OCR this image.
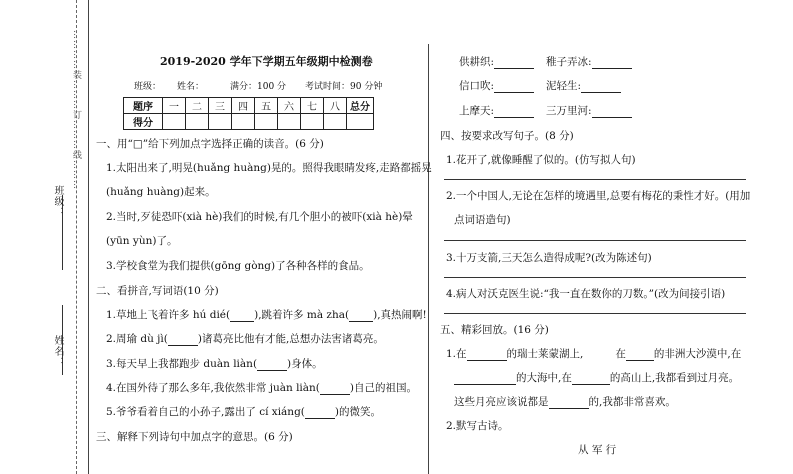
班级：
姓名：
…………装………订………线………
2019-2020 学年下学期五年级期中检测卷
班级： 姓名：	满分：100 分 考试时间：90 分钟
题序	一	二	三	四	五	六	七	八	总分
得分									
一、用“□”给下列加点字选择正确的读音。(6 分)
1.太阳出来了,明晃(huǎng huàng)晃的。照得我眼睛发疼,走路都摇晃
(huǎng huàng)起来。
2.当时,歹徒恐吓(xià hè)我们的时候,有几个胆小的被吓(xià hè)晕
(yūn yùn)了。
3.学校食堂为我们提供(gōng gòng)了各种各样的食品。
二、看拼音,写词语(10 分)
1.草地上飞着许多 hú dié( ),跳着许多 mà zha( ),真热闹啊!
2.周瑜 dù jì(	)诸葛亮比他有才能,总想办法害诸葛亮。
3.每天早上我都跑步 duàn liàn(	)身体。
4.在国外待了那么多年,我依然非常 juàn liàn(	)自己的祖国。
5.爷爷看着自己的小孙子,露出了 cí xiáng(	)的微笑。
三、解释下列诗句中加点字的意思。(6 分)
供耕织:	稚子弄冰:
信口吹:	泥轻生:
上摩天:	三万里河:
四、按要求改写句子。(8 分)
1.花开了,就像睡醒了似的。(仿写拟人句)
2.一个中国人,无论在怎样的境遇里,总要有梅花的秉性才好。(用加
点词语造句)
3.十万支箭,三天怎么造得成呢?(改为陈述句)
4.病人对沃克医生说:“我一直在数你的刀数。”(改为间接引语)
五、精彩回放。(16 分)
1.在	的瑞士莱蒙湖上,	在	的非洲大沙漠中,在
的大海中,在	的高山上,我都看到过月亮。
这些月亮应该说都是	的,我都非常喜欢。
2.默写古诗。
从 军 行
